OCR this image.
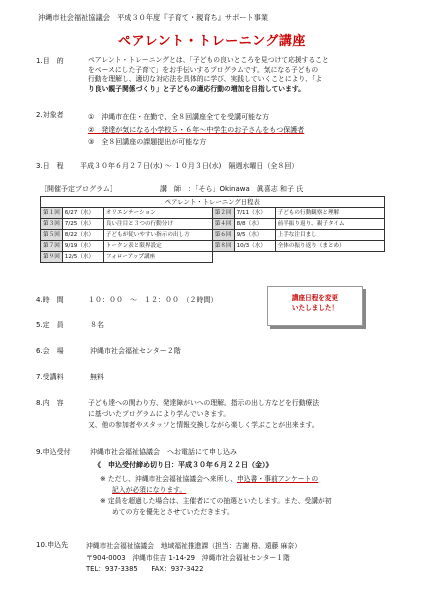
沖縄市社会福祉協議会　平成３０年度『子育て・親育ち』サポート事業
ペアレント・トレーニング講座
1.目　的	ペアレント・トレーニングとは、「子どもの良いところを見つけて応援すること
をベースにした子育て」をお手伝いするプログラムです。気になる子どもの
行動を理解し、適切な対応法を具体的に学び、実践していくことにより、「よ
り良い親子関係づくり」と子どもの適応行動の増加を目指しています。
2.対象者	①　沖縄市在住・在勤で、全８回講座全てを受講可能な方
②　発達が気になる小学校５・６年〜中学生のお子さんをもつ保護者
③　全８回講座の課題提出が可能な方
3.日　程 平成３０年６月２７日(水) 〜 １０月３日(水)　隔週水曜日（全８回）
［開催予定プログラム］	講　師　：「そら」Okinawa　眞喜志 和子 氏
ペアレント・トレーニング日程表					
第１回	6/27（水）	オリエンテーション	第２回	7/11（水）	子どもの行動観察と理解
第３回	7/25（水）	良い注目と３つの行動分け	第４回	8/8（水）	前半振り返り、親子タイム
第５回	8/22（水）	子どもが従いやすい指示の出し方	第６回	9/5（水）	上手な注目まし
第７回	9/19（水）	トークン表と限界設定	第８回	10/3（水）	全体の振り返り（まとめ）
第９回	12/5（水）	フォローアップ講座			
4.時　間	１０：００　〜　１２：００　（２時間）
5.定　員	８名
6.会　場	沖縄市社会福祉センター２階
7.受講料	無料
講座日程を変更
いたしました！
8.内　容	子ども達への関わり方、発達障がいへの理解。指示の出し方などを行動療法
に基づいたプログラムにより学んでいきます。
又、他の参加者やスタッフと情報交換しながら楽しく学ぶことが出来ます。
9.申込受付	沖縄市社会福祉協議会　へお電話にて申し込み
《　申込受付締め切り日：平成３０年６月２２日（金）》
※ ただし、沖縄市社会福祉協議会へ来所し、申込書・事前アンケートの
記入が必須になります。
※ 定員を超過した場合は、主催者にての抽選といたします。また、受講が初
めての方を優先とさせていただきます。
10.申込先	沖縄市社会福祉協議会　地域福祉推進課（担当：古謝 格、遠藤 麻奈）
〒904-0003　沖縄市住吉 1-14-29　沖縄市社会福祉センター１階
TEL：937-3385　　FAX：937-3422
